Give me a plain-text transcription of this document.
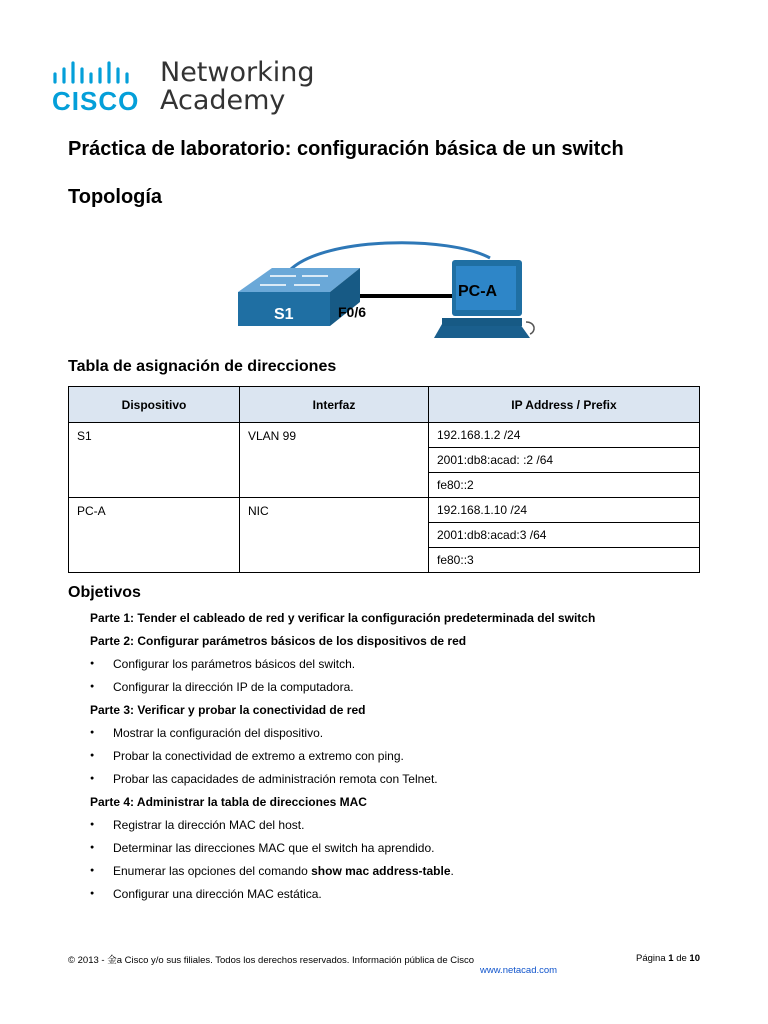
CISCO
Networking
Academy
Práctica de laboratorio: configuración básica de un switch
Topología
S1	F0/6
PC-A
Tabla de asignación de direcciones
Dispositivo	Interfaz	IP Address / Prefix
S1	VLAN 99	192.168.1.2 /24
		2001:db8:acad: :2 /64
		fe80::2
PC-A	NIC	192.168.1.10 /24
		2001:db8:acad:3 /64
		fe80::3
Objetivos
Parte 1: Tender el cableado de red y verificar la configuración predeterminada del switch
Parte 2: Configurar parámetros básicos de los dispositivos de red
● Configurar los parámetros básicos del switch.
● Configurar la dirección IP de la computadora.
Parte 3: Verificar y probar la conectividad de red
● Mostrar la configuración del dispositivo.
● Probar la conectividad de extremo a extremo con ping.
● Probar las capacidades de administración remota con Telnet.
Parte 4: Administrar la tabla de direcciones MAC
● Registrar la dirección MAC del host.
● Determinar las direcciones MAC que el switch ha aprendido.
● Enumerar las opciones del comando show mac address-table.
● Configurar una dirección MAC estática.
© 2013 - 金a Cisco y/o sus filiales. Todos los derechos reservados. Información pública de Cisco
www.netacad.com
Página 1 de 10
